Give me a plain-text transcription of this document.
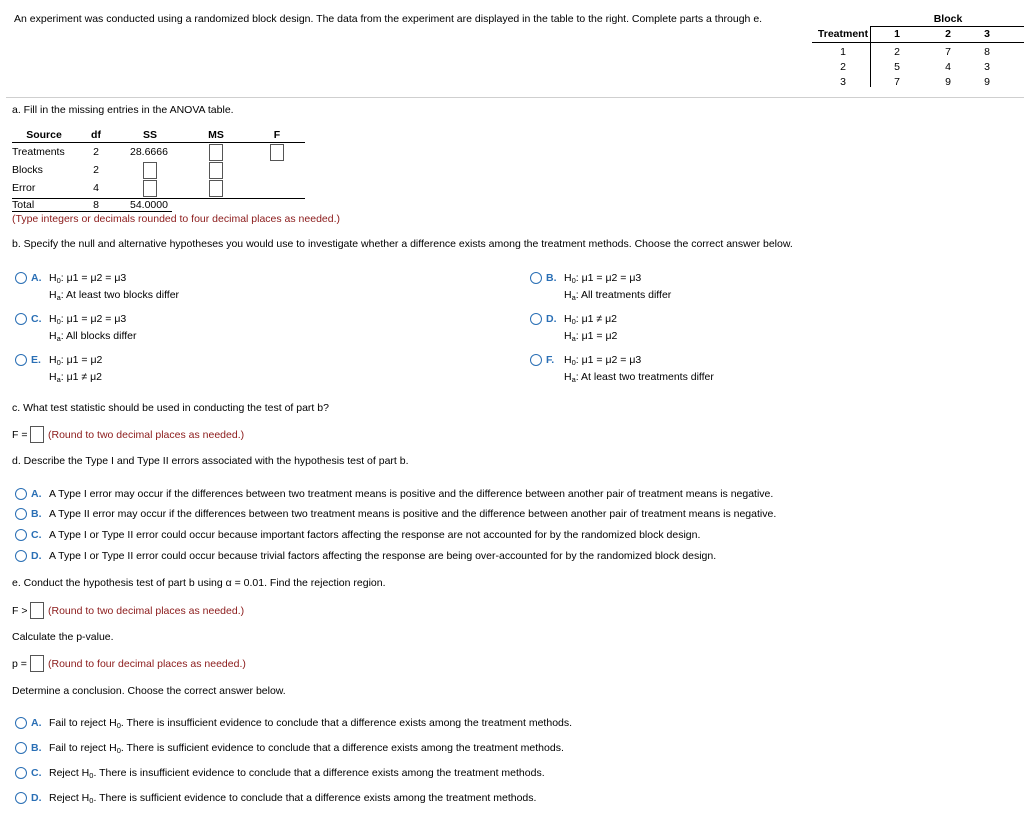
An experiment was conducted using a randomized block design. The data from the experiment are displayed in the table to the right. Complete parts a through e.	Block
Treatment	1	2	3
1	2	7	8
2	5	4	3
3	7	9	9
a. Fill in the missing entries in the ANOVA table.
Source	df	SS	MS	F
Treatments	2	28.6666
Blocks	2
Error	4
Total	8	54.0000
(Type integers or decimals rounded to four decimal places as needed.)
b. Specify the null and alternative hypotheses you would use to investigate whether a difference exists among the treatment methods. Choose the correct answer below.
A. $H_0$: μ1 = μ2 = μ3
$H_a$: At least two blocks differ
B. $H_0$: μ1 = μ2 = μ3
$H_a$: All treatments differ
C. $H_0$: μ1 = μ2 = μ3
$H_a$: All blocks differ
D. $H_0$: μ1 ≠ μ2
$H_a$: μ1 = μ2
E. $H_0$: μ1 = μ2
$H_a$: μ1 ≠ μ2
F. $H_0$: μ1 = μ2 = μ3
$H_a$: At least two treatments differ
c. What test statistic should be used in conducting the test of part b?
F = (Round to two decimal places as needed.)
d. Describe the Type I and Type II errors associated with the hypothesis test of part b.
A. A Type I error may occur if the differences between two treatment means is positive and the difference between another pair of treatment means is negative.
B. A Type II error may occur if the differences between two treatment means is positive and the difference between another pair of treatment means is negative.
C. A Type I or Type II error could occur because important factors affecting the response are not accounted for by the randomized block design.
D. A Type I or Type II error could occur because trivial factors affecting the response are being over-accounted for by the randomized block design.
e. Conduct the hypothesis test of part b using α = 0.01. Find the rejection region.
F > (Round to two decimal places as needed.)
Calculate the p-value.
p = (Round to four decimal places as needed.)
Determine a conclusion. Choose the correct answer below.
A. Fail to reject $H_0$. There is insufficient evidence to conclude that a difference exists among the treatment methods.
B. Fail to reject $H_0$. There is sufficient evidence to conclude that a difference exists among the treatment methods.
C. Reject $H_0$. There is insufficient evidence to conclude that a difference exists among the treatment methods.
D. Reject $H_0$. There is sufficient evidence to conclude that a difference exists among the treatment methods.
